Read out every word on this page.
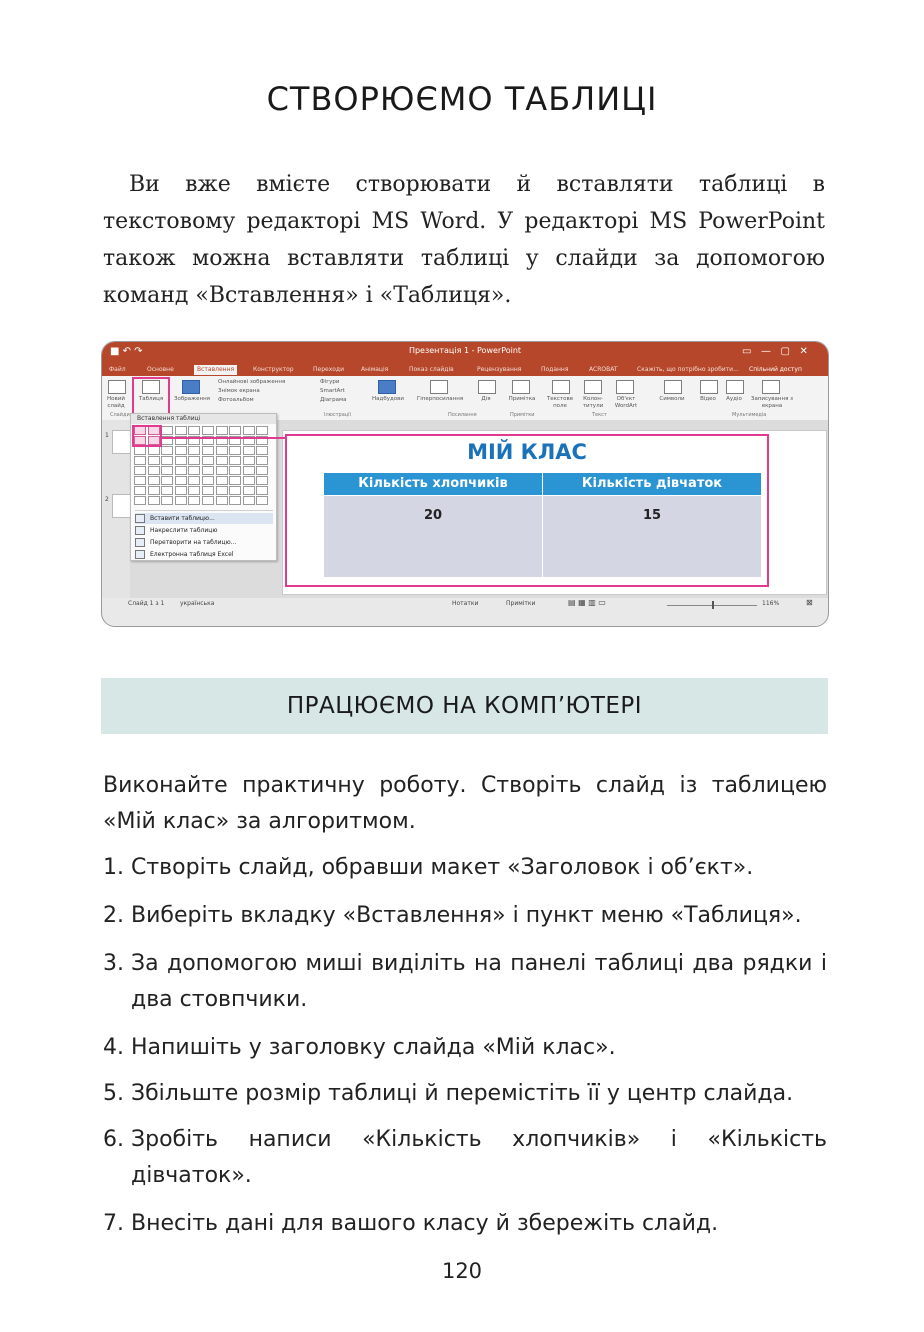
СТВОРЮЄМО ТАБЛИЦІ
Ви вже вмієте створювати й вставляти таблиці в текстовому редакторі MS Word. У редакторі MS PowerPoint також можна вставляти таблиці у слайди за допомогою команд «Вставлення» і «Таблиця».
■ ↶ ↷	Презентація 1 - PowerPoint	▭   —   ▢   ✕
Файл	Основне	Вставлення	Конструктор	Переходи	Анімація	Показ слайдів	Рецензування	Подання	ACROBAT	Скажіть, що потрібно зробити...	Спільний доступ
Новий слайд
Таблиця	Зображення
Онлайнові зображення
Знімок екрана
Фотоальбом
Фігури
SmartArt
Діаграма	Надбудови	Гіперпосилання	Дія	Примітка	Текстове поле
Колон-титули
Об'єкт WordArt
Символи	Відео	Аудіо	Записування з екрана
Слайди	Ілюстрації	Посилання	Примітки	Текст	Мультимедіа
1
2
МІЙ КЛАС
Кількість хлопчиків	Кількість дівчаток
20	15
Вставлення таблиці
Вставити таблицю...
Накреслити таблицю
Перетворити на таблицю...
Електронна таблиця Excel
Слайд 1 з 1	українська	Нотатки	Примітки	▤ ▦ ▥ ▭	116%	⊠
ПРАЦЮЄМО НА КОМП’ЮТЕРІ
Виконайте практичну роботу. Створіть слайд із таблицею «Мій клас» за алгоритмом.
1. Створіть слайд, обравши макет «Заголовок і об’єкт».
2. Виберіть вкладку «Вставлення» і пункт меню «Таблиця».
3. За допомогою миші виділіть на панелі таблиці два рядки і два стовпчики.
4. Напишіть у заголовку слайда «Мій клас».
5. Збільште розмір таблиці й перемістіть її у центр слайда.
6. Зробіть написи «Кількість хлопчиків» і «Кількість дівчаток».
7. Внесіть дані для вашого класу й збережіть слайд.
120
